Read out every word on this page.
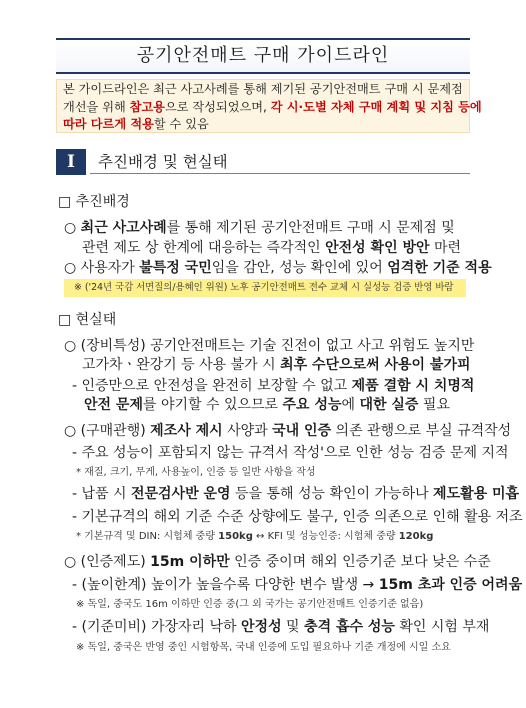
공기안전매트 구매 가이드라인
본 가이드라인은 최근 사고사례를 통해 제기된 공기안전매트 구매 시 문제점
개선을 위해 참고용으로 작성되었으며, 각 시·도별 자체 구매 계획 및 지침 등에
따라 다르게 적용할 수 있음
Ⅰ	추진배경 및 현실태
□ 추진배경
○ 최근 사고사례를 통해 제기된 공기안전매트 구매 시 문제점 및
관련 제도 상 한계에 대응하는 즉각적인 안전성 확인 방안 마련
○ 사용자가 불특정 국민임을 감안, 성능 확인에 있어 엄격한 기준 적용
※ ('24년 국감 서면질의/용혜인 위원) 노후 공기안전매트 전수 교체 시 실성능 검증 반영 바람
□ 현실태
○ (장비특성) 공기안전매트는 기술 진전이 없고 사고 위험도 높지만
고가차ㆍ완강기 등 사용 불가 시 최후 수단으로써 사용이 불가피
- 인증만으로 안전성을 완전히 보장할 수 없고 제품 결함 시 치명적
안전 문제를 야기할 수 있으므로 주요 성능에 대한 실증 필요
○ (구매관행) 제조사 제시 사양과 국내 인증 의존 관행으로 부실 규격작성
- 주요 성능이 포함되지 않는 규격서 작성'으로 인한 성능 검증 문제 지적
* 재질, 크기, 무게, 사용높이, 인증 등 일반 사항을 작성
- 납품 시 전문검사반 운영 등을 통해 성능 확인이 가능하나 제도활용 미흡
- 기본규격의 해외 기준 수준 상향에도 불구, 인증 의존으로 인해 활용 저조
* 기본규격 및 DIN: 시험체 중량 150kg ↔ KFI 및 성능인증: 시험체 중량 120kg
○ (인증제도) 15m 이하만 인증 중이며 해외 인증기준 보다 낮은 수준
- (높이한계) 높이가 높을수록 다양한 변수 발생 → 15m 초과 인증 어려움
※ 독일, 중국도 16m 이하만 인증 중(그 외 국가는 공기안전매트 인증기준 없음)
- (기준미비) 가장자리 낙하 안정성 및 충격 흡수 성능 확인 시험 부재
※ 독일, 중국은 반영 중인 시험항목, 국내 인증에 도입 필요하나 기준 개정에 시일 소요
